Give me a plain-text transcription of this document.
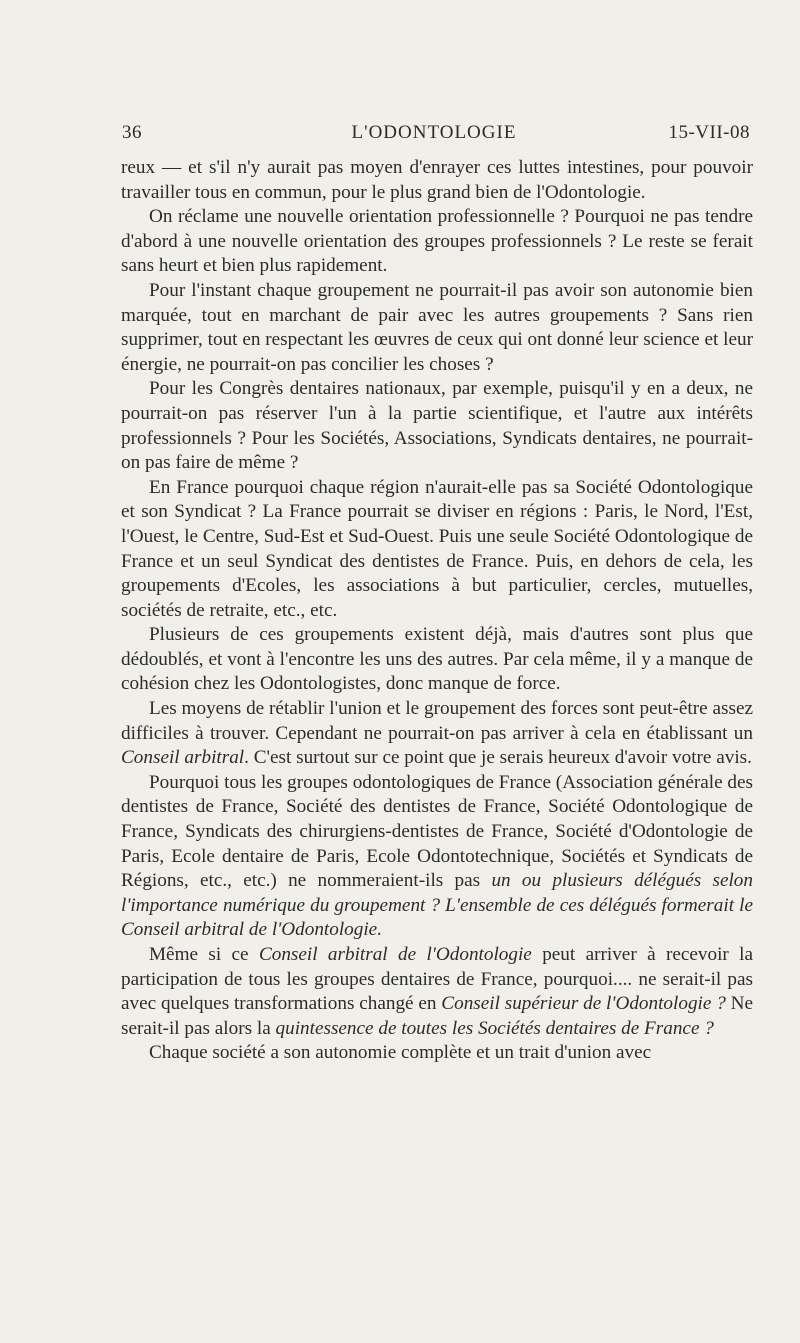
L'ODONTOLOGIE
36	15-VII-08

reux — et s'il n'y aurait pas moyen d'enrayer ces luttes intestines, pour pouvoir travailler tous en commun, pour le plus grand bien de l'Odontologie.

On réclame une nouvelle orientation professionnelle ? Pourquoi ne pas tendre d'abord à une nouvelle orientation des groupes professionnels ? Le reste se ferait sans heurt et bien plus rapidement.

Pour l'instant chaque groupement ne pourrait-il pas avoir son autonomie bien marquée, tout en marchant de pair avec les autres groupements ? Sans rien supprimer, tout en respectant les œuvres de ceux qui ont donné leur science et leur énergie, ne pourrait-on pas concilier les choses ?

Pour les Congrès dentaires nationaux, par exemple, puisqu'il y en a deux, ne pourrait-on pas réserver l'un à la partie scientifique, et l'autre aux intérêts professionnels ? Pour les Sociétés, Associations, Syndicats dentaires, ne pourrait-on pas faire de même ?

En France pourquoi chaque région n'aurait-elle pas sa Société Odontologique et son Syndicat ? La France pourrait se diviser en régions : Paris, le Nord, l'Est, l'Ouest, le Centre, Sud-Est et Sud-Ouest. Puis une seule Société Odontologique de France et un seul Syndicat des dentistes de France. Puis, en dehors de cela, les groupements d'Ecoles, les associations à but particulier, cercles, mutuelles, sociétés de retraite, etc., etc.

Plusieurs de ces groupements existent déjà, mais d'autres sont plus que dédoublés, et vont à l'encontre les uns des autres. Par cela même, il y a manque de cohésion chez les Odontologistes, donc manque de force.

Les moyens de rétablir l'union et le groupement des forces sont peut-être assez difficiles à trouver. Cependant ne pourrait-on pas arriver à cela en établissant un Conseil arbitral. C'est surtout sur ce point que je serais heureux d'avoir votre avis.

Pourquoi tous les groupes odontologiques de France (Association générale des dentistes de France, Société des dentistes de France, Société Odontologique de France, Syndicats des chirurgiens-dentistes de France, Société d'Odontologie de Paris, Ecole dentaire de Paris, Ecole Odontotechnique, Sociétés et Syndicats de Régions, etc., etc.) ne nommeraient-ils pas un ou plusieurs délégués selon l'importance numérique du groupement ? L'ensemble de ces délégués formerait le Conseil arbitral de l'Odontologie.

Même si ce Conseil arbitral de l'Odontologie peut arriver à recevoir la participation de tous les groupes dentaires de France, pourquoi.... ne serait-il pas avec quelques transformations changé en Conseil supérieur de l'Odontologie ? Ne serait-il pas alors la quintessence de toutes les Sociétés dentaires de France ?

Chaque société a son autonomie complète et un trait d'union avec
